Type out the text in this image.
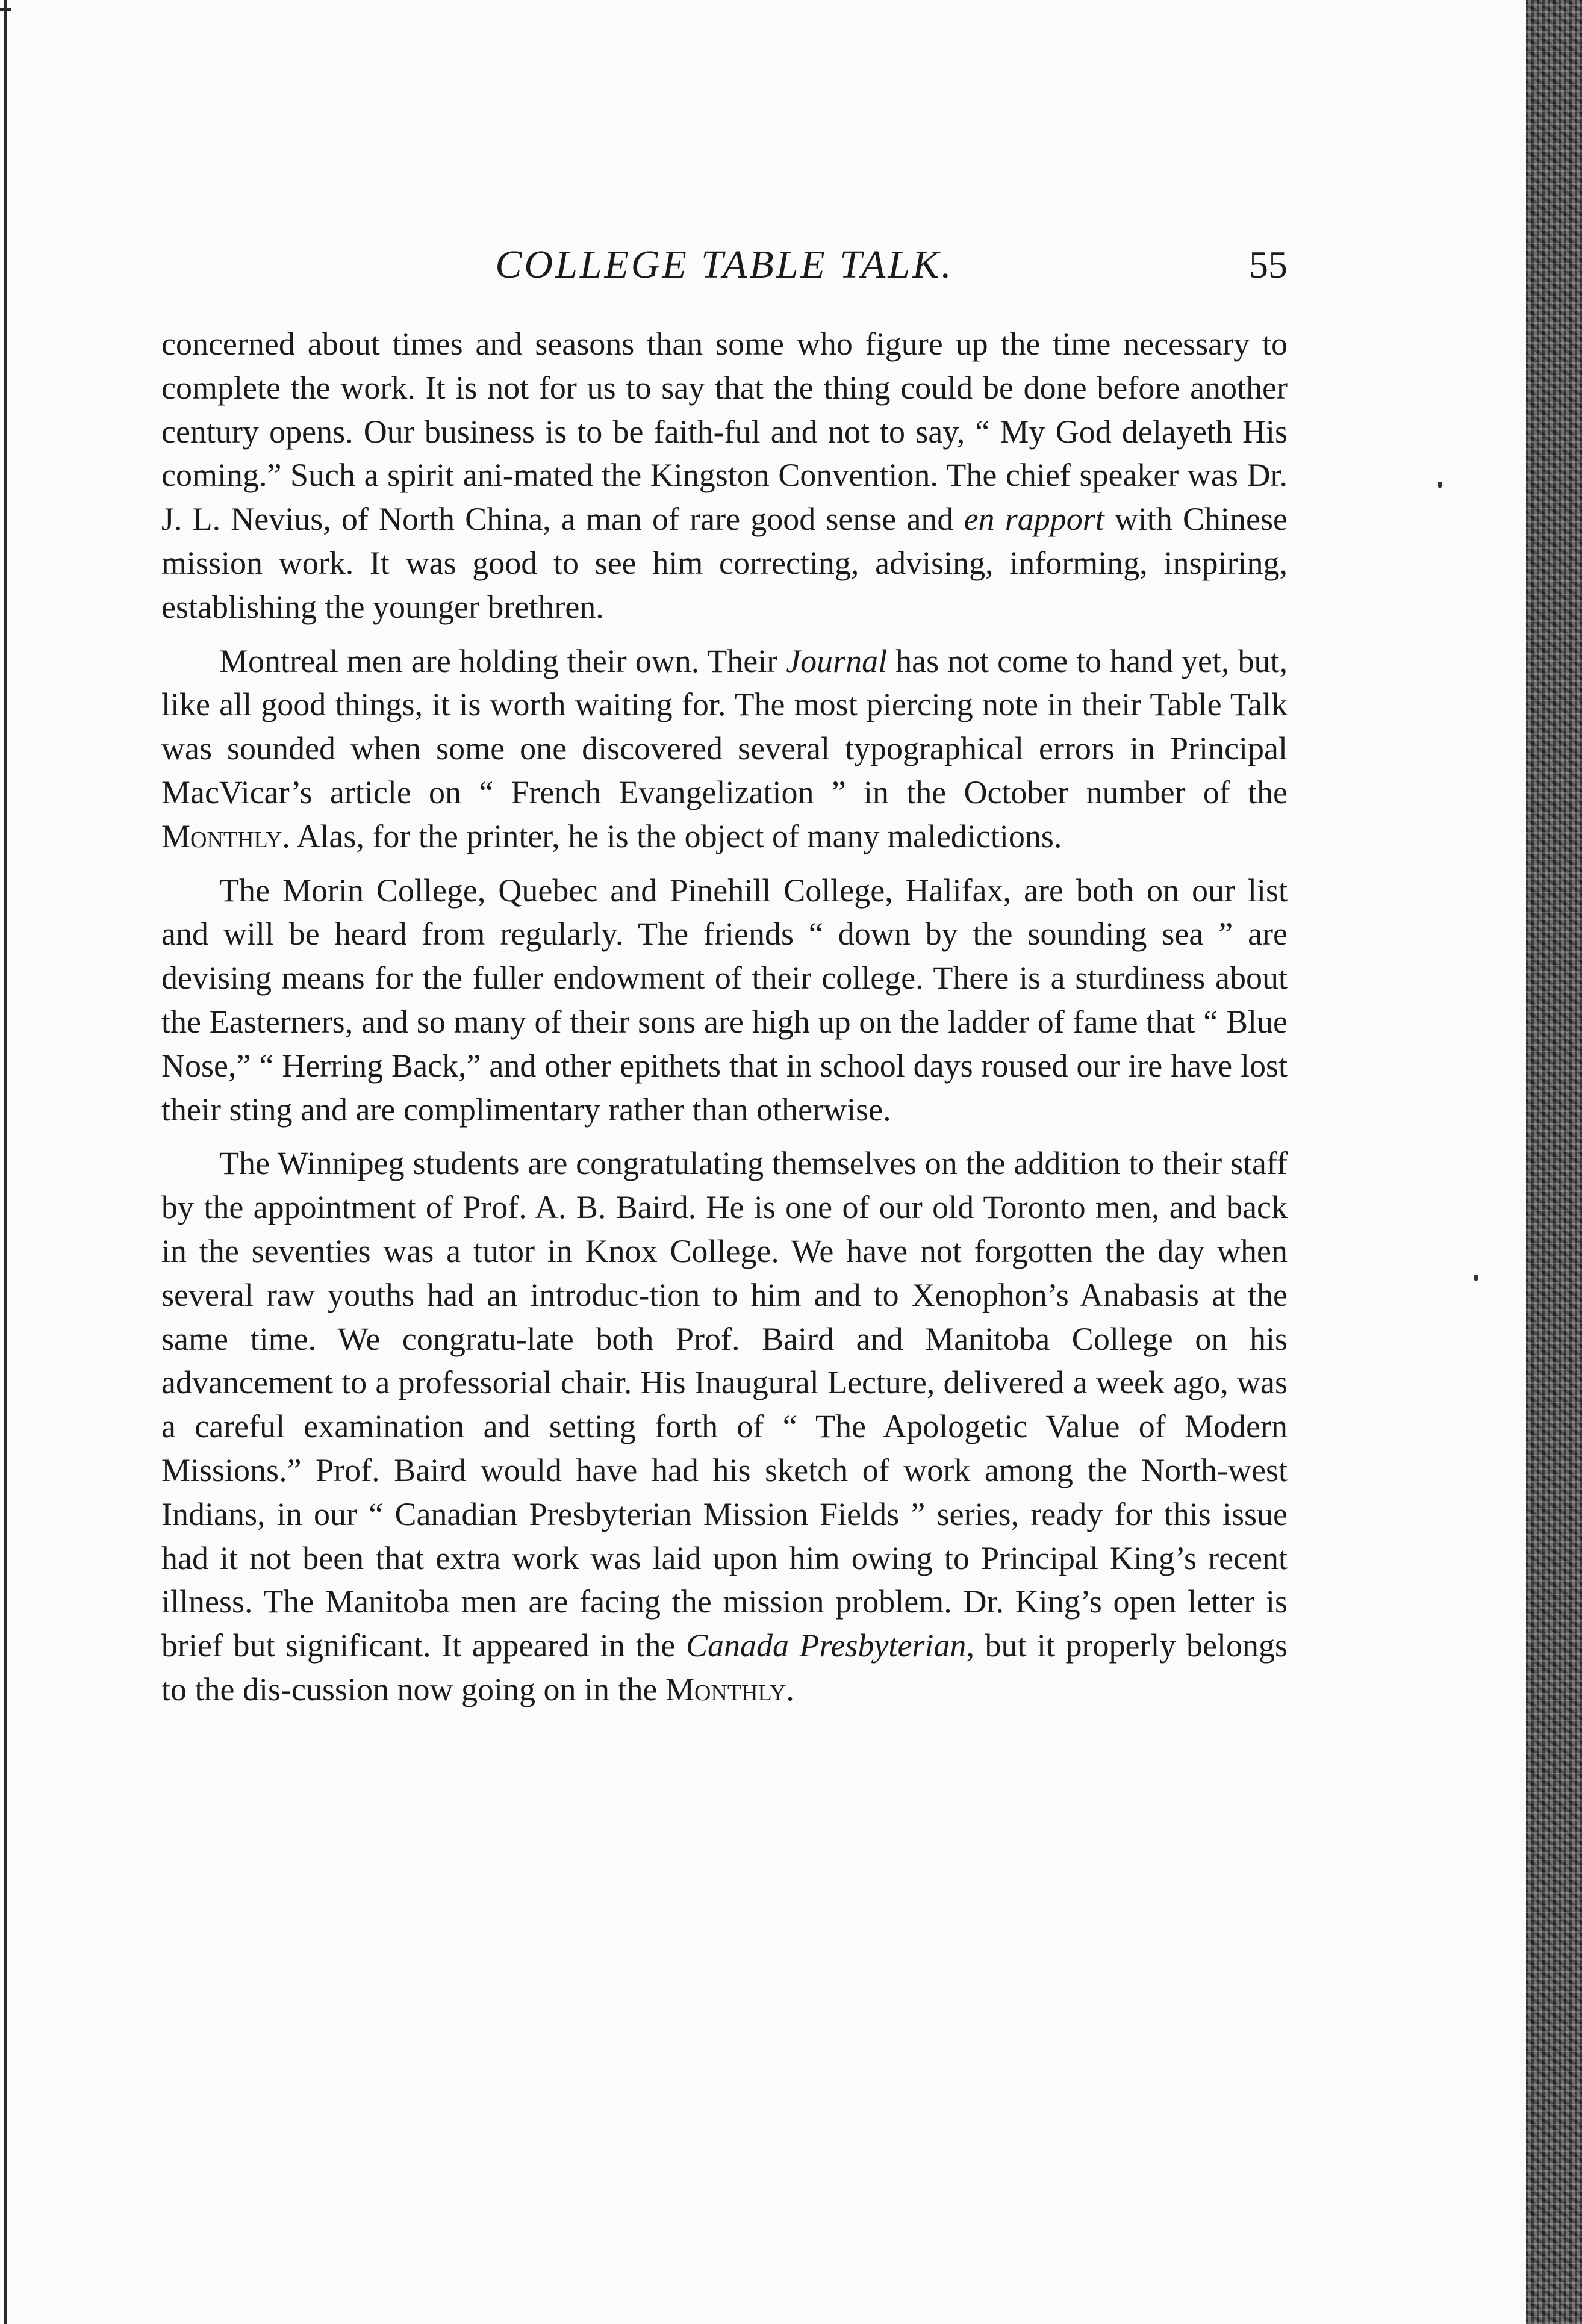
COLLEGE TABLE TALK.	55

concerned about times and seasons than some who figure up the time necessary to complete the work. It is not for us to say that the thing could be done before another century opens. Our business is to be faith-ful and not to say, “ My God delayeth His coming.” Such a spirit ani-mated the Kingston Convention. The chief speaker was Dr. J. L. Nevius, of North China, a man of rare good sense and en rapport with Chinese mission work. It was good to see him correcting, advising, informing, inspiring, establishing the younger brethren.

Montreal men are holding their own. Their Journal has not come to hand yet, but, like all good things, it is worth waiting for. The most piercing note in their Table Talk was sounded when some one discovered several typographical errors in Principal MacVicar’s article on “ French Evangelization ” in the October number of the Monthly. Alas, for the printer, he is the object of many maledictions.

The Morin College, Quebec and Pinehill College, Halifax, are both on our list and will be heard from regularly. The friends “ down by the sounding sea ” are devising means for the fuller endowment of their college. There is a sturdiness about the Easterners, and so many of their sons are high up on the ladder of fame that “ Blue Nose,” “ Herring Back,” and other epithets that in school days roused our ire have lost their sting and are complimentary rather than otherwise.

The Winnipeg students are congratulating themselves on the addition to their staff by the appointment of Prof. A. B. Baird. He is one of our old Toronto men, and back in the seventies was a tutor in Knox College. We have not forgotten the day when several raw youths had an introduc-tion to him and to Xenophon’s Anabasis at the same time. We congratu-late both Prof. Baird and Manitoba College on his advancement to a professorial chair. His Inaugural Lecture, delivered a week ago, was a careful examination and setting forth of “ The Apologetic Value of Modern Missions.” Prof. Baird would have had his sketch of work among the North-west Indians, in our “ Canadian Presbyterian Mission Fields ” series, ready for this issue had it not been that extra work was laid upon him owing to Principal King’s recent illness. The Manitoba men are facing the mission problem. Dr. King’s open letter is brief but significant. It appeared in the Canada Presbyterian, but it properly belongs to the dis-cussion now going on in the Monthly.
